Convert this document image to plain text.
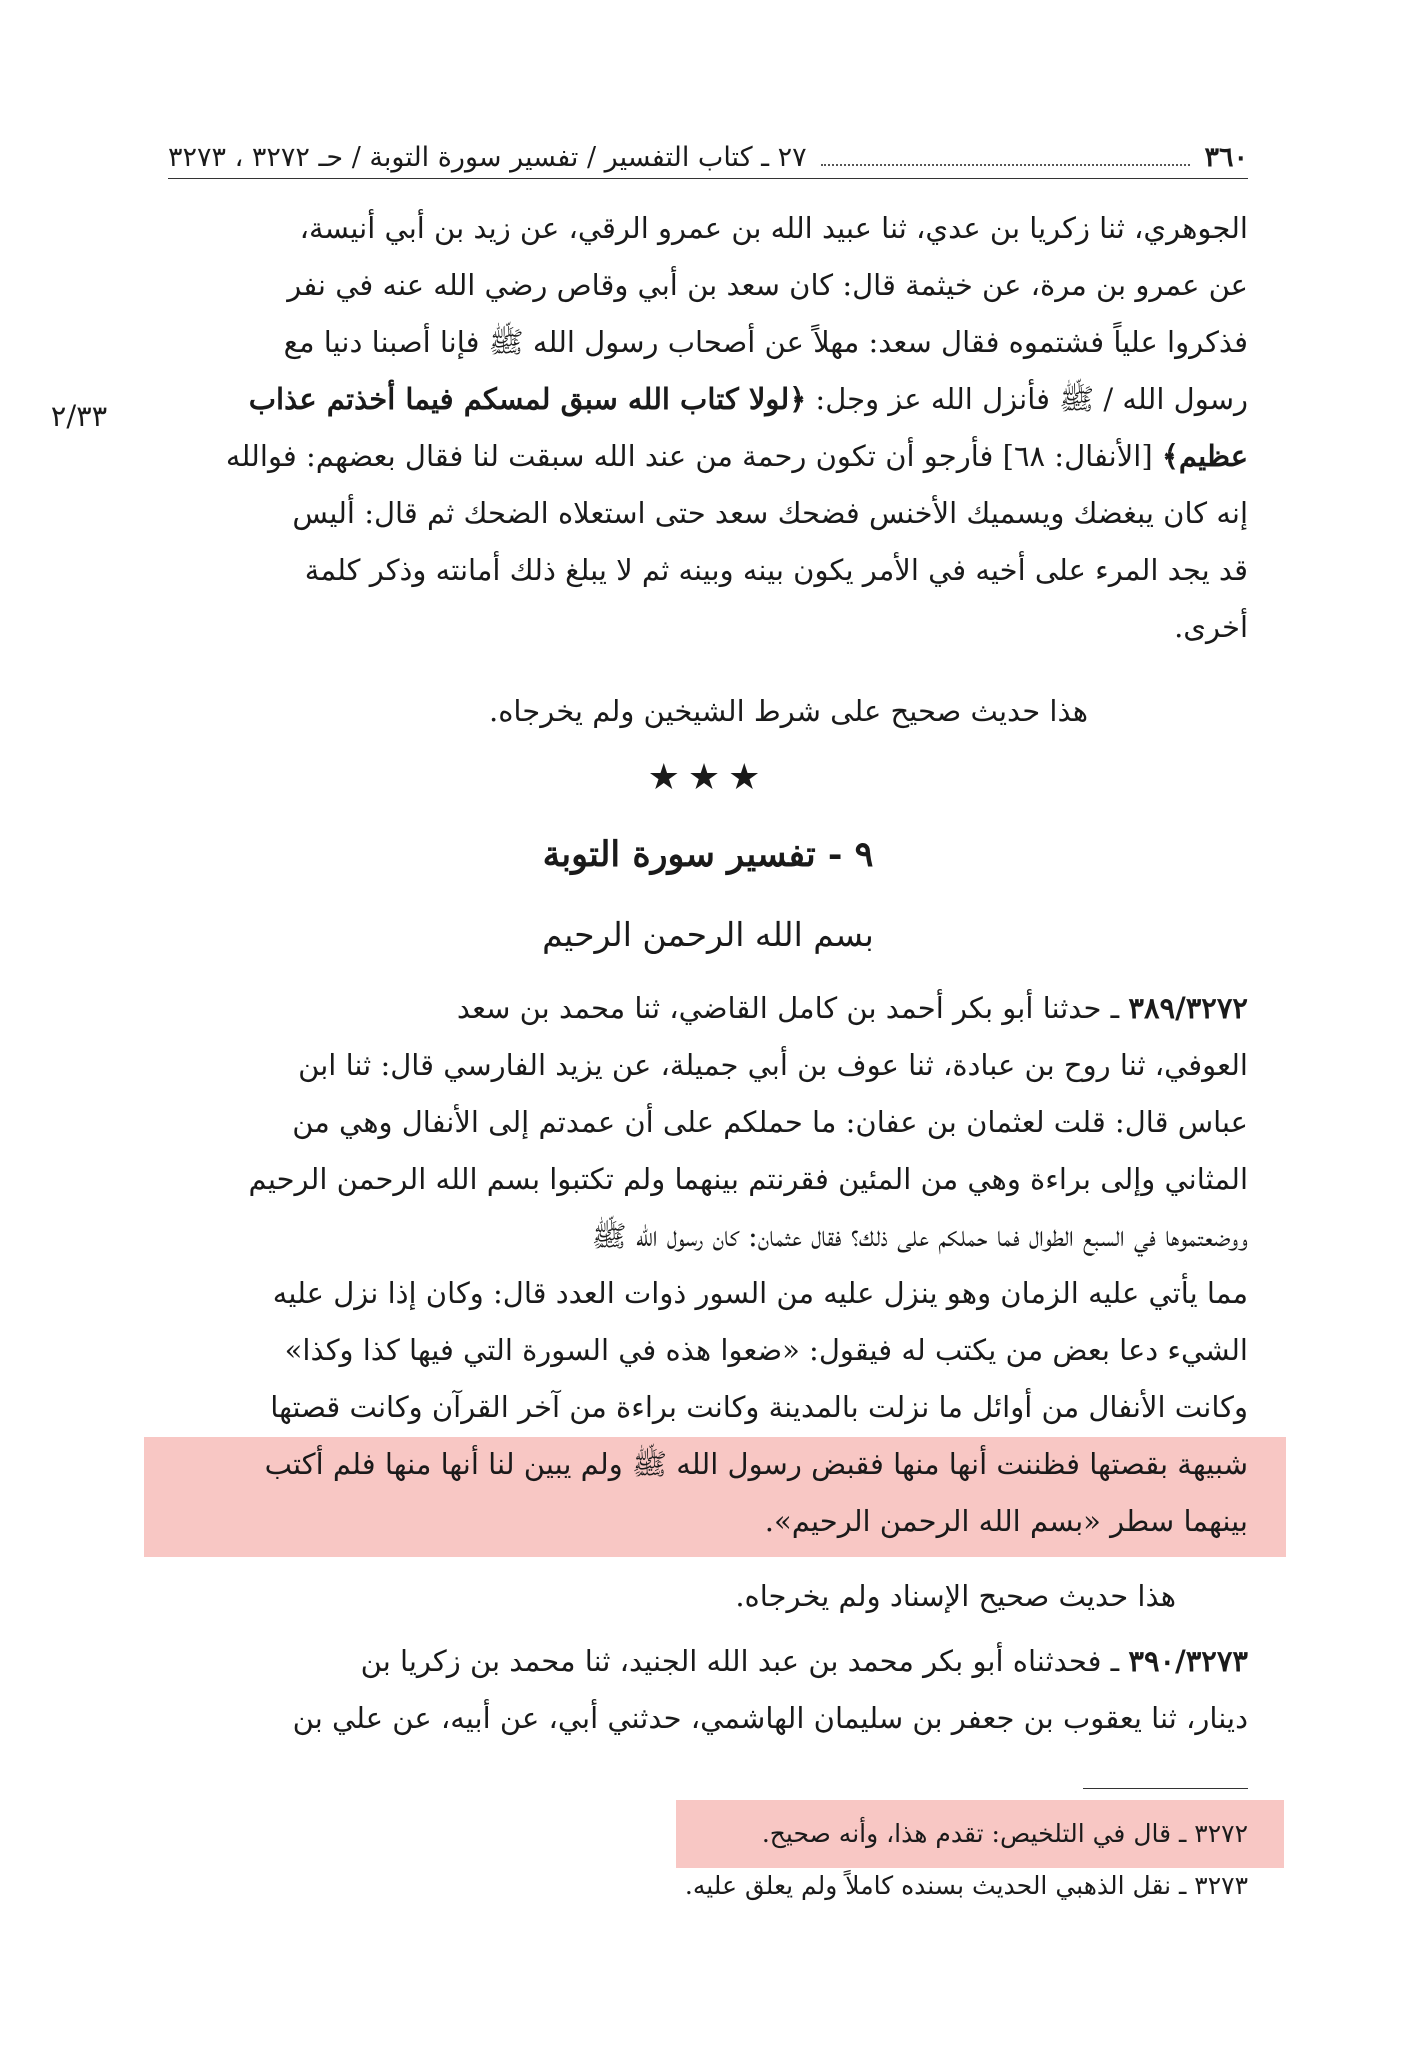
٣٦٠
٢٧ ـ كتاب التفسير / تفسير سورة التوبة / حـ ٣٢٧٢ ، ٣٢٧٣
٢/٣٣

الجوهري، ثنا زكريا بن عدي، ثنا عبيد الله بن عمرو الرقي، عن زيد بن أبي أنيسة،

عن عمرو بن مرة، عن خيثمة قال: كان سعد بن أبي وقاص رضي الله عنه في نفر

فذكروا علياً فشتموه فقال سعد: مهلاً عن أصحاب رسول الله ﷺ فإنا أصبنا دنيا مع

رسول الله / ﷺ فأنزل الله عز وجل: ﴿لولا كتاب الله سبق لمسكم فيما أخذتم عذاب

عظيم﴾ [الأنفال: ٦٨] فأرجو أن تكون رحمة من عند الله سبقت لنا فقال بعضهم: فوالله

إنه كان يبغضك ويسميك الأخنس فضحك سعد حتى استعلاه الضحك ثم قال: أليس

قد يجد المرء على أخيه في الأمر يكون بينه وبينه ثم لا يبلغ ذلك أمانته وذكر كلمة

أخرى.

هذا حديث صحيح على شرط الشيخين ولم يخرجاه.

★★★
٩ - تفسير سورة التوبة
بسم الله الرحمن الرحيم

٣٨٩/٣٢٧٢ ـ حدثنا أبو بكر أحمد بن كامل القاضي، ثنا محمد بن سعد

العوفي، ثنا روح بن عبادة، ثنا عوف بن أبي جميلة، عن يزيد الفارسي قال: ثنا ابن

عباس قال: قلت لعثمان بن عفان: ما حملكم على أن عمدتم إلى الأنفال وهي من

المثاني وإلى براءة وهي من المئين فقرنتم بينهما ولم تكتبوا بسم الله الرحمن الرحيم

ووضعتموها في السبع الطوال فما حملكم على ذلك؟ فقال عثمان: كان رسول الله ﷺ

مما يأتي عليه الزمان وهو ينزل عليه من السور ذوات العدد قال: وكان إذا نزل عليه

الشيء دعا بعض من يكتب له فيقول: «ضعوا هذه في السورة التي فيها كذا وكذا»

وكانت الأنفال من أوائل ما نزلت بالمدينة وكانت براءة من آخر القرآن وكانت قصتها

شبيهة بقصتها فظننت أنها منها فقبض رسول الله ﷺ ولم يبين لنا أنها منها فلم أكتب

بينهما سطر «بسم الله الرحمن الرحيم».

هذا حديث صحيح الإسناد ولم يخرجاه.

٣٩٠/٣٢٧٣ ـ فحدثناه أبو بكر محمد بن عبد الله الجنيد، ثنا محمد بن زكريا بن

دينار، ثنا يعقوب بن جعفر بن سليمان الهاشمي، حدثني أبي، عن أبيه، عن علي بن

٣٢٧٢ ـ قال في التلخيص: تقدم هذا، وأنه صحيح.
٣٢٧٣ ـ نقل الذهبي الحديث بسنده كاملاً ولم يعلق عليه.
